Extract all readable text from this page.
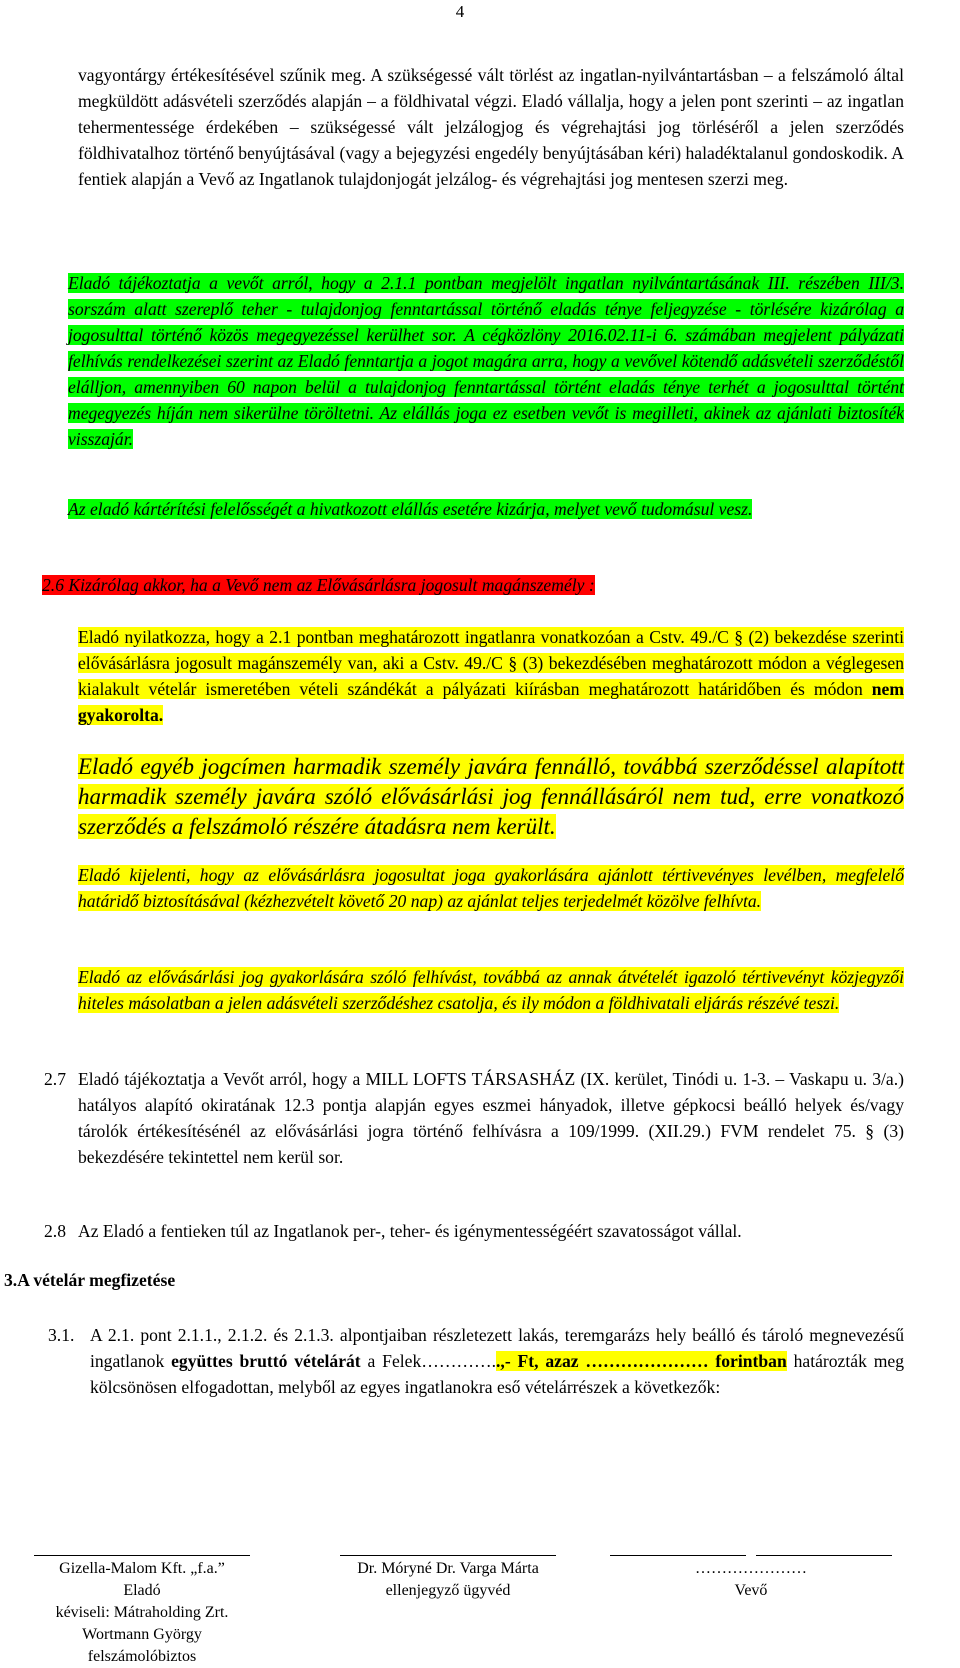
4

vagyontárgy értékesítésével szűnik meg. A szükségessé vált törlést az ingatlan-nyilvántartásban – a felszámoló által megküldött adásvételi szerződés alapján – a földhivatal végzi. Eladó vállalja, hogy a jelen pont szerinti – az ingatlan tehermentessége érdekében – szükségessé vált jelzálogjog és végrehajtási jog törléséről a jelen szerződés földhivatalhoz történő benyújtásával (vagy a bejegyzési engedély benyújtásában kéri) haladéktalanul gondoskodik. A fentiek alapján a Vevő az Ingatlanok tulajdonjogát jelzálog- és végrehajtási jog mentesen szerzi meg.

Eladó tájékoztatja a vevőt arról, hogy a 2.1.1 pontban megjelölt ingatlan nyilvántartásának III. részében III/3. sorszám alatt szereplő teher - tulajdonjog fenntartással történő eladás ténye feljegyzése - törlésére kizárólag a jogosulttal történő közös megegyezéssel kerülhet sor. A cégközlöny 2016.02.11-i 6. számában megjelent pályázati felhívás rendelkezései szerint az Eladó fenntartja a jogot magára arra, hogy a vevővel kötendő adásvételi szerződéstől elálljon, amennyiben 60 napon belül a tulajdonjog fenntartással történt eladás ténye terhét a jogosulttal történt megegyezés híján nem sikerülne töröltetni. Az elállás joga ez esetben vevőt is megilleti, akinek az ajánlati biztosíték visszajár.

Az eladó kártérítési felelősségét a hivatkozott elállás esetére kizárja, melyet vevő tudomásul vesz.

2.6 Kizárólag akkor, ha a Vevő nem az Elővásárlásra jogosult magánszemély :

Eladó nyilatkozza, hogy a 2.1 pontban meghatározott ingatlanra vonatkozóan a Cstv. 49./C § (2) bekezdése szerinti elővásárlásra jogosult magánszemély van, aki a Cstv. 49./C § (3) bekezdésében meghatározott módon a véglegesen kialakult vételár ismeretében vételi szándékát a pályázati kiírásban meghatározott határidőben és módon nem gyakorolta.

Eladó egyéb jogcímen harmadik személy javára fennálló, továbbá szerződéssel alapított harmadik személy javára szóló elővásárlási jog fennállásáról nem tud, erre vonatkozó szerződés a felszámoló részére átadásra nem került.

Eladó kijelenti, hogy az elővásárlásra jogosultat joga gyakorlására ajánlott tértivevényes levélben, megfelelő határidő biztosításával (kézhezvételt követő 20 nap) az ajánlat teljes terjedelmét közölve felhívta.

Eladó az elővásárlási jog gyakorlására szóló felhívást, továbbá az annak átvételét igazoló tértivevényt közjegyzői hiteles másolatban a jelen adásvételi szerződéshez csatolja, és ily módon a földhivatali eljárás részévé teszi.

2.7 Eladó tájékoztatja a Vevőt arról, hogy a MILL LOFTS TÁRSASHÁZ (IX. kerület, Tinódi u. 1-3. – Vaskapu u. 3/a.) hatályos alapító okiratának 12.3 pontja alapján egyes eszmei hányadok, illetve gépkocsi beálló helyek és/vagy tárolók értékesítésénél az elővásárlási jogra történő felhívásra a 109/1999. (XII.29.) FVM rendelet 75. § (3) bekezdésére tekintettel nem kerül sor.

2.8 Az Eladó a fentieken túl az Ingatlanok per-, teher- és igénymentességéért szavatosságot vállal.

3.A vételár megfizetése
3.1. A 2.1. pont 2.1.1., 2.1.2. és 2.1.3. alpontjaiban részletezett lakás, teremgarázs hely beálló és tároló megnevezésű ingatlanok együttes bruttó vételárát a Felek…………..,- Ft, azaz ………………… forintban határozták meg kölcsönösen elfogadottan, melyből az egyes ingatlanokra eső vételárrészek a következők:

Gizella-Malom Kft. „f.a.”
Eladó
kéviseli: Mátraholding Zrt.
Wortmann György felszámolóbiztos
Dr. Móryné Dr. Varga Márta
ellenjegyző ügyvéd
…………………
Vevő
